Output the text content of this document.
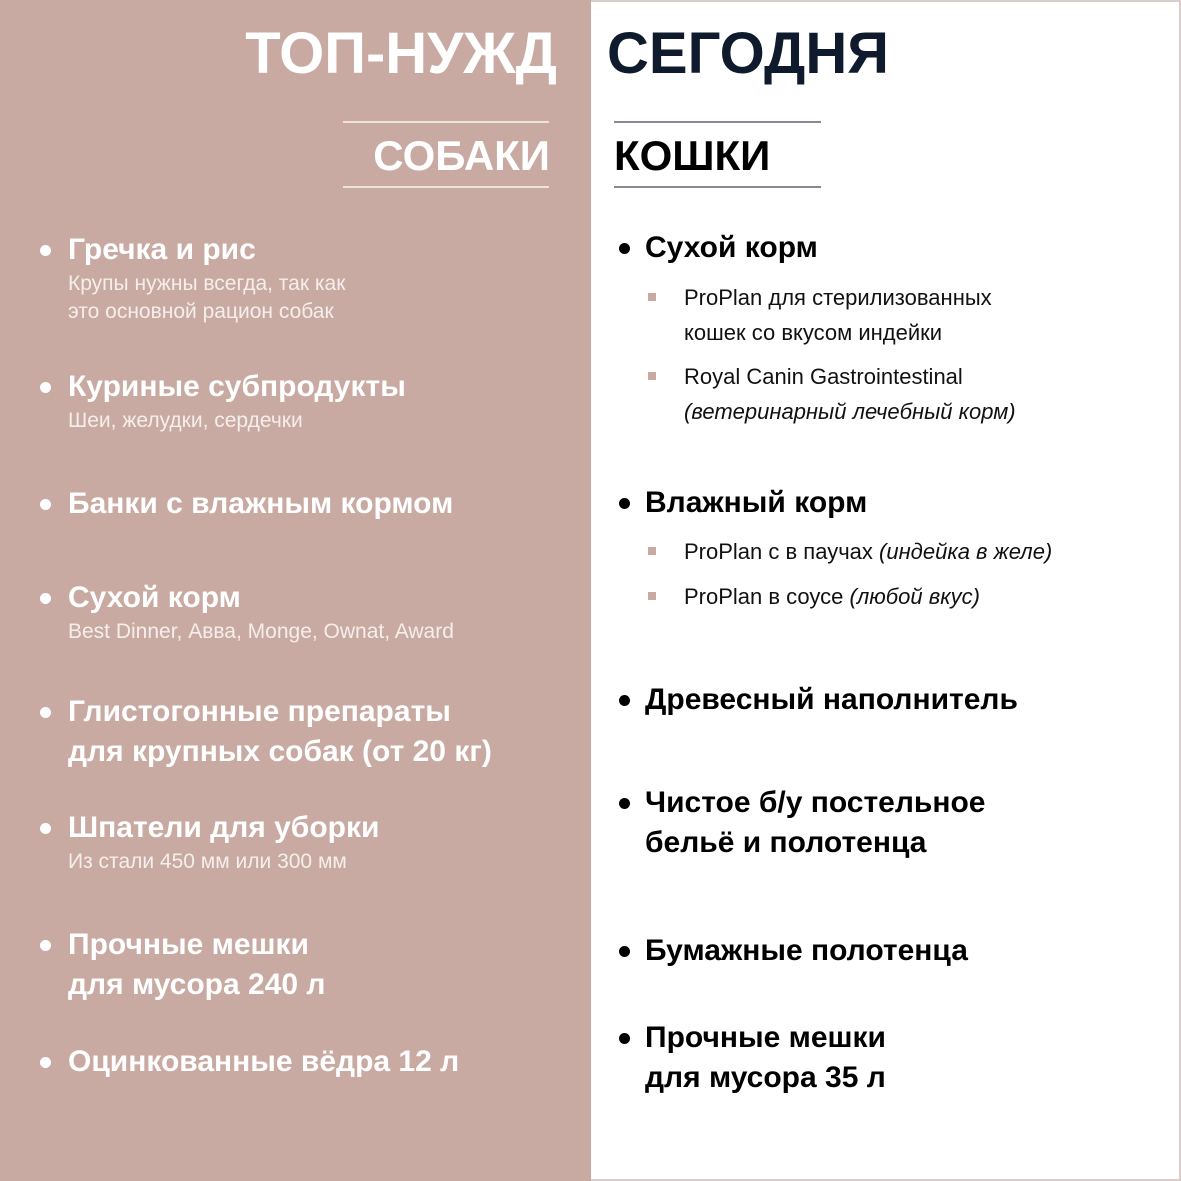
ТОП-НУЖД СЕГОДНЯ
СОБАКИ КОШКИ
Гречка и рис
Крупы нужны всегда, так как
это основной рацион собак
Куриные субпродукты
Шеи, желудки, сердечки
Банки с влажным кормом
Сухой корм
Best Dinner, Авва, Monge, Ownat, Award
Глистогонные препараты
для крупных собак (от 20 кг)
Шпатели для уборки
Из стали 450 мм или 300 мм
Прочные мешки
для мусора 240 л
Оцинкованные вёдра 12 л
Сухой корм
ProPlan для стерилизованных
кошек со вкусом индейки
Royal Canin Gastrointestinal
(ветеринарный лечебный корм)
Влажный корм
ProPlan с в паучах (индейка в желе)
ProPlan в соусе (любой вкус)
Древесный наполнитель
Чистое б/у постельное
бельё и полотенца
Бумажные полотенца
Прочные мешки
для мусора 35 л
